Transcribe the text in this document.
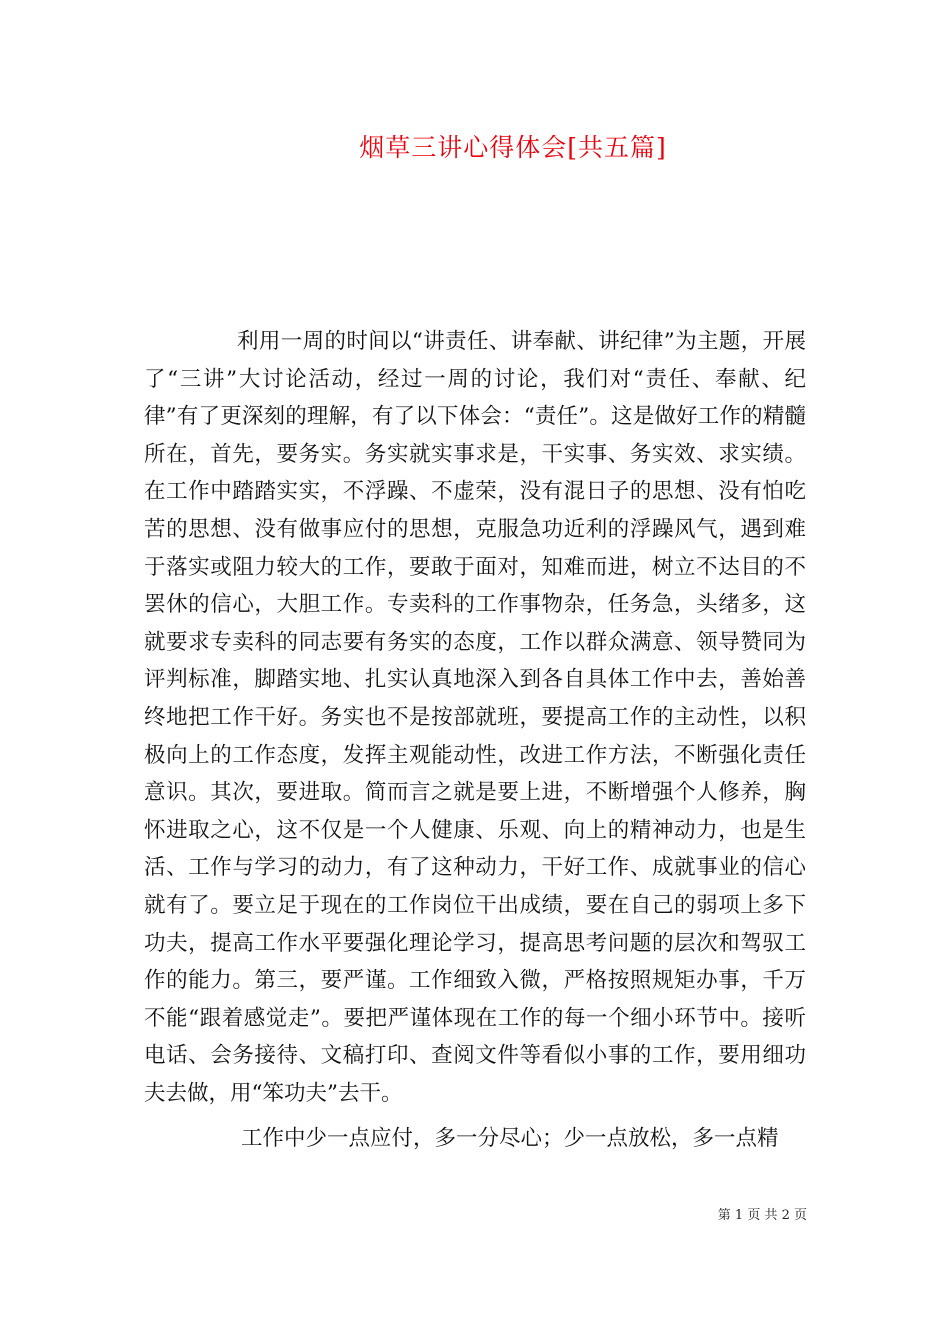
烟草三讲心得体会[共五篇]

利用一周的时间以“讲责任、讲奉献、讲纪律”为主题，开展了“三讲”大讨论活动，经过一周的讨论，我们对“责任、奉献、纪律”有了更深刻的理解，有了以下体会：“责任”。这是做好工作的精髓所在，首先，要务实。务实就实事求是，干实事、务实效、求实绩。在工作中踏踏实实，不浮躁、不虚荣，没有混日子的思想、没有怕吃苦的思想、没有做事应付的思想，克服急功近利的浮躁风气，遇到难于落实或阻力较大的工作，要敢于面对，知难而进，树立不达目的不罢休的信心，大胆工作。专卖科的工作事物杂，任务急，头绪多，这就要求专卖科的同志要有务实的态度，工作以群众满意、领导赞同为评判标准，脚踏实地、扎实认真地深入到各自具体工作中去，善始善终地把工作干好。务实也不是按部就班，要提高工作的主动性，以积极向上的工作态度，发挥主观能动性，改进工作方法，不断强化责任意识。其次，要进取。简而言之就是要上进，不断增强个人修养，胸怀进取之心，这不仅是一个人健康、乐观、向上的精神动力，也是生活、工作与学习的动力，有了这种动力，干好工作、成就事业的信心就有了。要立足于现在的工作岗位干出成绩，要在自己的弱项上多下功夫，提高工作水平要强化理论学习，提高思考问题的层次和驾驭工作的能力。第三，要严谨。工作细致入微，严格按照规矩办事，千万不能“跟着感觉走”。要把严谨体现在工作的每一个细小环节中。接听电话、会务接待、文稿打印、查阅文件等看似小事的工作，要用细功夫去做，用“笨功夫”去干。

工作中少一点应付，多一分尽心；少一点放松，多一点精

第 1 页 共 2 页
